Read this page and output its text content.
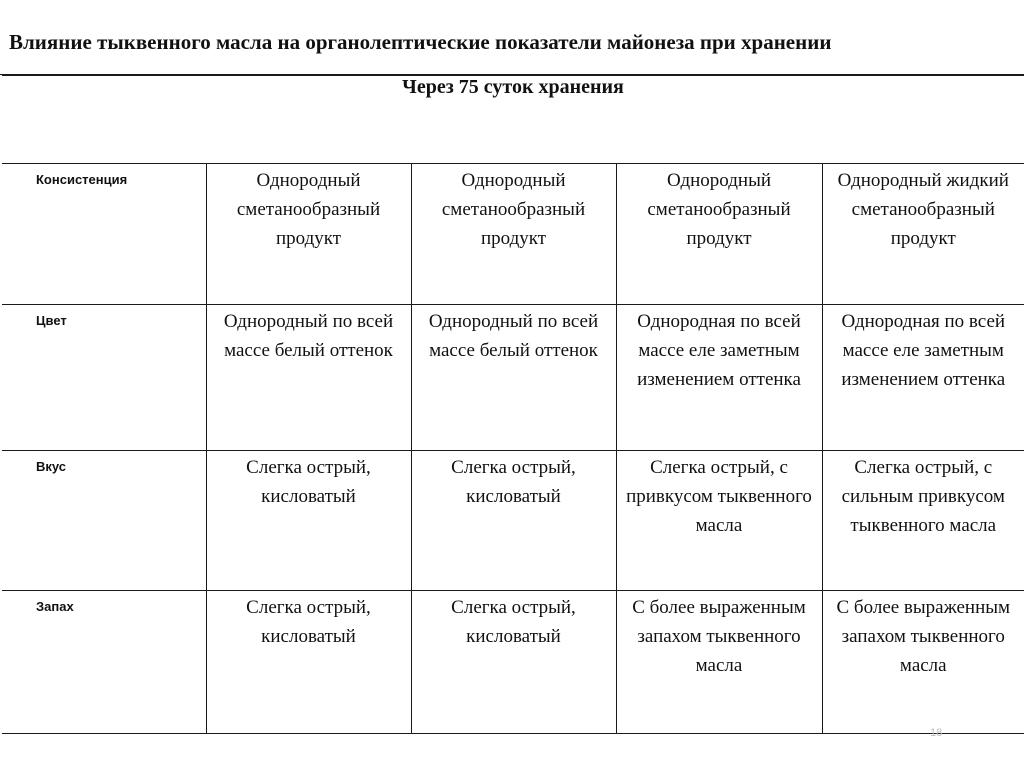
Влияние тыквенного масла на органолептические показатели майонеза при хранении
Через 75 суток хранения				
Консистенция	Однородный сметанообразный продукт	Однородный сметанообразный продукт	Однородный сметанообразный продукт	Однородный жидкий сметанообразный продукт
Цвет	Однородный по всей массе белый оттенок	Однородный по всей массе белый оттенок	Однородная по всей массе еле заметным изменением оттенка	Однородная по всей массе еле заметным изменением оттенка
Вкус	Слегка острый, кисловатый	Слегка острый, кисловатый	Слегка острый, с привкусом тыквенного масла	Слегка острый, с сильным привкусом тыквенного масла
Запах	Слегка острый, кисловатый	Слегка острый, кисловатый	С более выраженным запахом тыквенного масла	С более выраженным запахом тыквенного масла
18
